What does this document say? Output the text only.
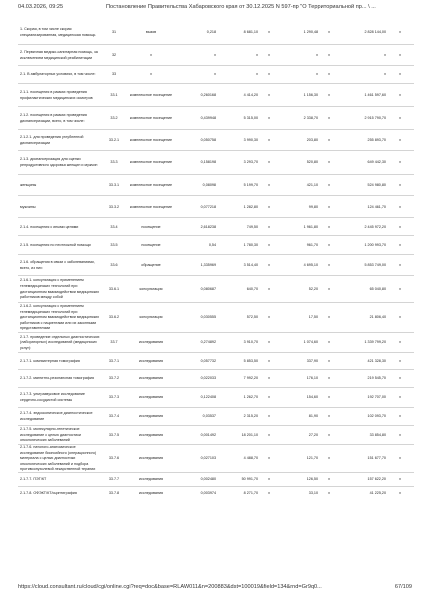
04.03.2026, 09:25	Постановление Правительства Хабаровского края от 30.12.2025 N 597-пр "О Территориальной пр... \ ...
1. Скорая, в том числе скорая специализированная, медицинская помощь
31	вызов	0,218	8 681,10	x	1 290,48	x	2 828 144,00	x
2. Первичная медико-санитарная помощь, за исключением медицинской реабилитации
32	x	x	x	x	x	x	x	x
2.1. В амбулаторных условиях, в том числе:	33	x	x	x	x	x	x	x	x
2.1.1. посещения в рамках проведения профилактических медицинских осмотров
33.1	комплексное посещение	0,260168	4 414,20	x	1 156,30	x	1 461 597,60	x
2.1.2. посещения в рамках проведения диспансеризации, всего, в том числе:
33.2	комплексное посещение	0,439948	5 315,00	x	2 338,70	x	2 915 790,70	x
2.1.2.1. для проведения углубленной диспансеризации
33.2.1	комплексное посещение	0,050758	3 990,30	x	203,80	x	255 893,70	x
2.1.3. диспансеризация для оценки репродуктивного здоровья женщин и мужчин
33.3	комплексное посещение	0,158198	3 293,70	x	520,80	x	649 442,30	x
женщины	33.3.1	комплексное посещение	0,08098	5 199,70	x	421,10	x	524 980,80	x
мужчины	33.3.2	комплексное посещение	0,077218	1 282,80	x	99,80	x	124 461,70	x
2.1.4. посещения с иными целями	33.4	посещение	2,618238	749,50	x	1 961,80	x	2 445 972,20	x
2.1.5. посещения по неотложной помощи	33.5	посещение	0,54	1 780,30	x	961,70	x	1 200 993,70	x
2.1.6. обращения в связи с заболеваниями, всего, из них:
33.6	обращение	1,335969	3 514,40	x	4 695,10	x	5 853 749,00	x
2.1.6.1. консультация с применением телемедицинских технологий при дистанционном взаимодействии медицинских работников между собой
33.6.1	консультация	0,080687	640,70	x	52,20	x	65 040,80	x
2.1.6.2. консультация с применением телемедицинских технологий при дистанционном взаимодействии медицинских работников с пациентами или их законными представителями
33.6.2	консультация	0,030555	572,50	x	17,50	x	21 806,40	x
2.1.7. проведение отдельных диагностических (лабораторных) исследований (медицинских услуг):
33.7	исследования	0,274892	3 910,70	x	1 074,60	x	1 339 799,20	x
2.1.7.1. компьютерная томография	33.7.1	исследования	0,057732	5 853,50	x	337,90	x	421 328,30	x
2.1.7.2. магнитно-резонансная томография	33.7.2	исследования	0,022033	7 992,20	x	176,10	x	219 545,70	x
2.1.7.3. ультразвуковое исследование сердечно-сосудистой системы
33.7.3	исследования	0,122408	1 262,70	x	154,60	x	192 707,00	x
2.1.7.4. эндоскопическое диагностическое исследование
33.7.4	исследования	0,03537	2 315,20	x	81,90	x	102 093,70	x
2.1.7.5. молекулярно-генетическое исследование с целью диагностики онкологических заболеваний
33.7.5	исследования	0,001492	18 201,10	x	27,20	x	33 854,80	x
2.1.7.6. патолого-анатомическое исследование биопсийного (операционного) материала с целью диагностики онкологических заболеваний и подбора противоопухолевой лекарственной терапии
33.7.6	исследования	0,027103	4 488,70	x	121,70	x	151 677,70	x
2.1.7.7. ПЭТ/КТ	33.7.7	исследования	0,002480	50 991,70	x	126,50	x	157 622,20	x
2.1.7.8. ОФЭКТ/КТ/сцинтиграфия	33.7.8	исследования	0,003974	8 271,70	x	33,10	x	41 225,20	x
https://cloud.consultant.ru/cloud/cgi/online.cgi?req=doc&base=RLAW011&n=200883&dst=100019&field=134&rnd=Gr9q0...	67/109
